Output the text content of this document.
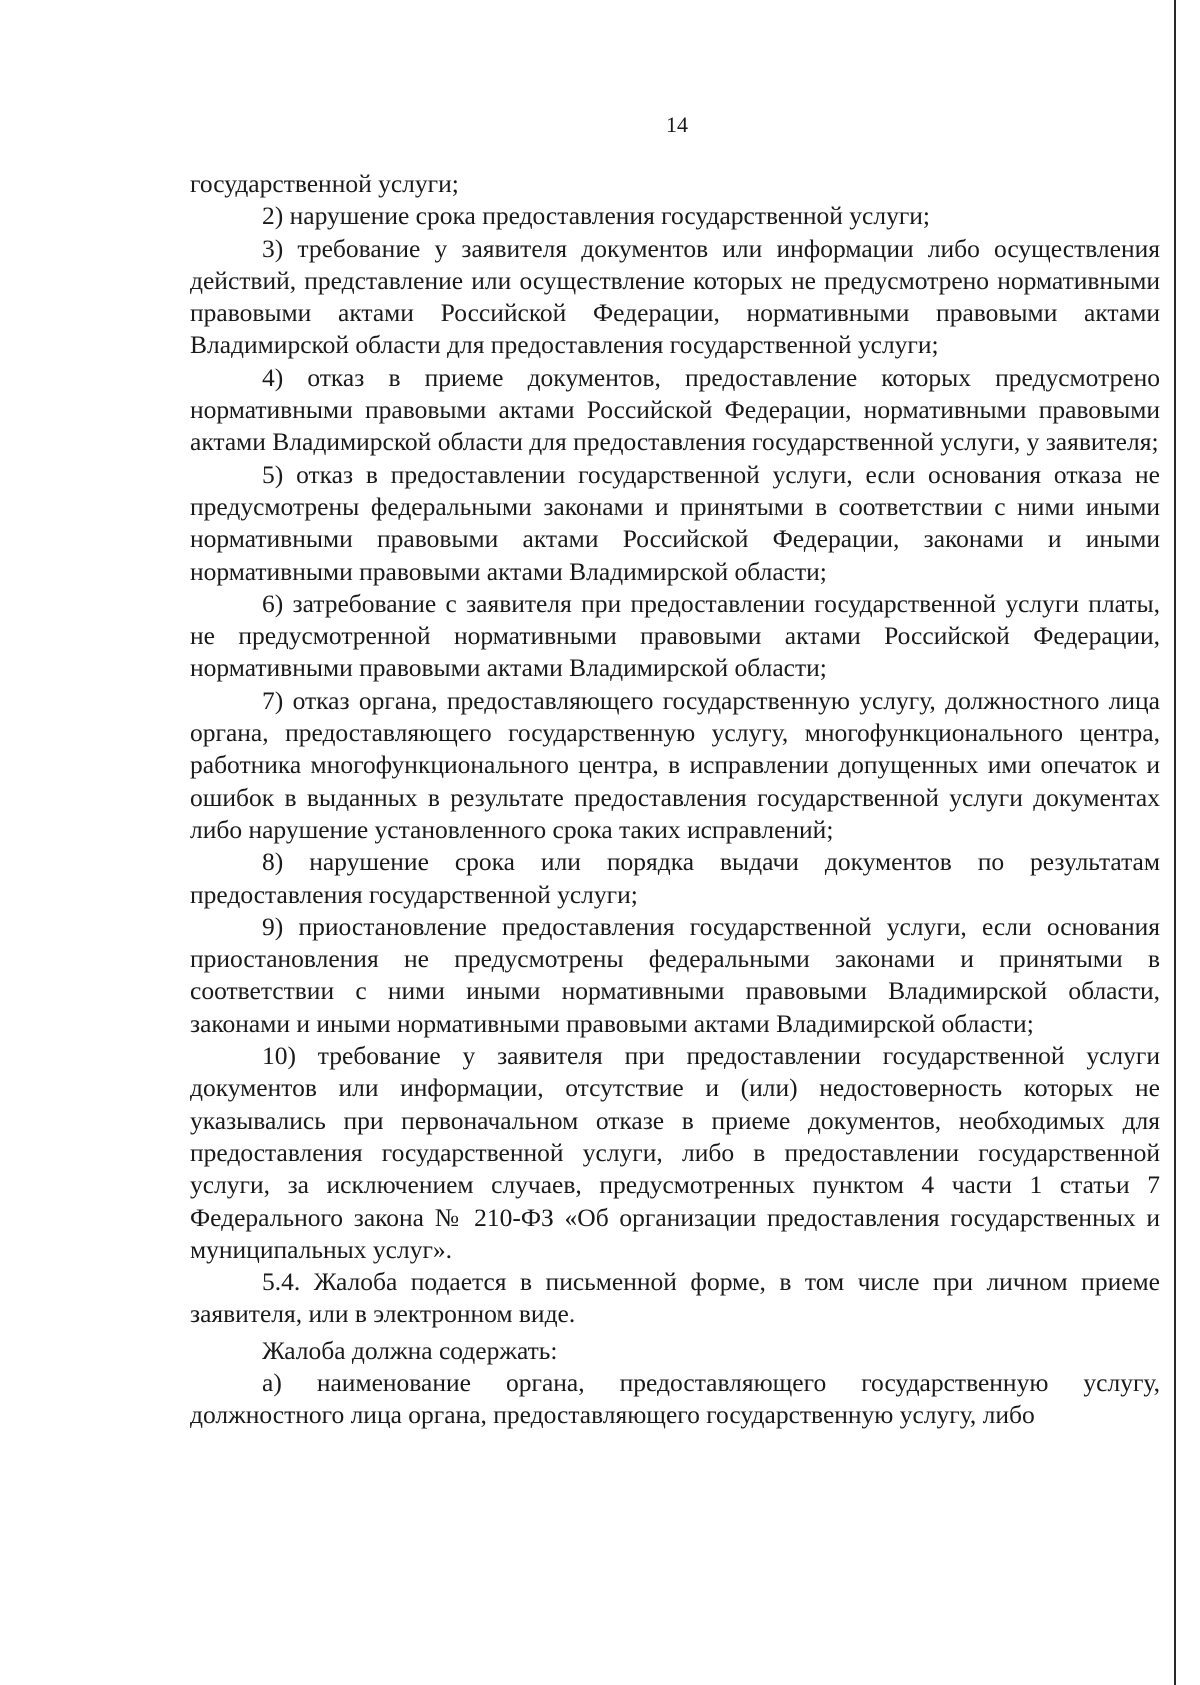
14

государственной услуги;

2) нарушение срока предоставления государственной услуги;

3) требование у заявителя документов или информации либо осуществления действий, представление или осуществление которых не предусмотрено нормативными правовыми актами Российской Федерации, нормативными правовыми актами Владимирской области для предоставления государственной услуги;

4) отказ в приеме документов, предоставление которых предусмотрено нормативными правовыми актами Российской Федерации, нормативными правовыми актами Владимирской области для предоставления государственной услуги, у заявителя;

5) отказ в предоставлении государственной услуги, если основания отказа не предусмотрены федеральными законами и принятыми в соответствии с ними иными нормативными правовыми актами Российской Федерации, законами и иными нормативными правовыми актами Владимирской области;

6) затребование с заявителя при предоставлении государственной услуги платы, не предусмотренной нормативными правовыми актами Российской Федерации, нормативными правовыми актами Владимирской области;

7) отказ органа, предоставляющего государственную услугу, должностного лица органа, предоставляющего государственную услугу, многофункционального центра, работника многофункционального центра, в исправлении допущенных ими опечаток и ошибок в выданных в результате предоставления государственной услуги документах либо нарушение установленного срока таких исправлений;

8) нарушение срока или порядка выдачи документов по результатам предоставления государственной услуги;

9) приостановление предоставления государственной услуги, если основания приостановления не предусмотрены федеральными законами и принятыми в соответствии с ними иными нормативными правовыми Владимирской области, законами и иными нормативными правовыми актами Владимирской области;

10) требование у заявителя при предоставлении государственной услуги документов или информации, отсутствие и (или) недостоверность которых не указывались при первоначальном отказе в приеме документов, необходимых для предоставления государственной услуги, либо в предоставлении государственной услуги, за исключением случаев, предусмотренных пунктом 4 части 1 статьи 7 Федерального закона № 210-ФЗ «Об организации предоставления государственных и муниципальных услуг».

5.4. Жалоба подается в письменной форме, в том числе при личном приеме заявителя, или в электронном виде.

Жалоба должна содержать:

а) наименование органа, предоставляющего государственную услугу, должностного лица органа, предоставляющего государственную услугу, либо
